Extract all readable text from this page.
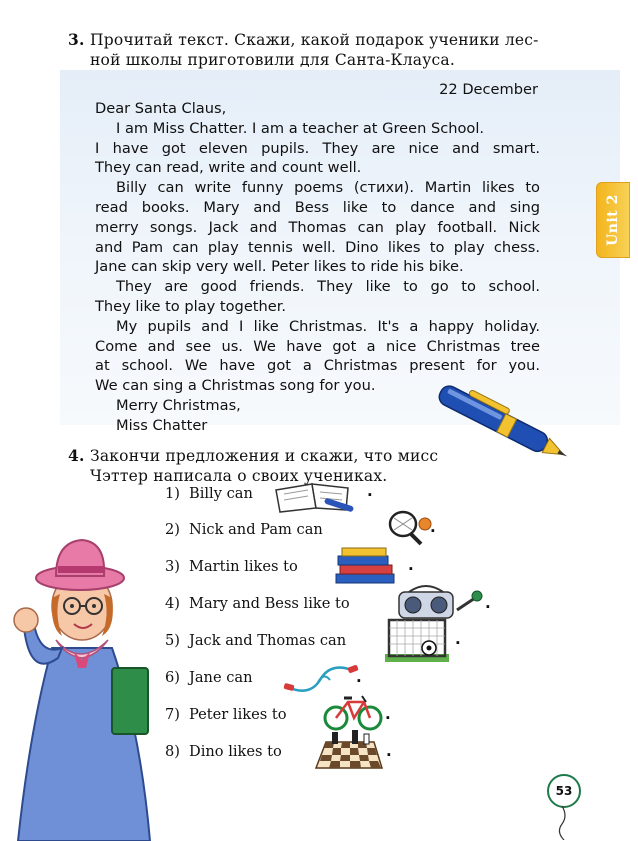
3. Прочитай текст. Скажи, какой подарок ученики лес-
ной школы приготовили для Санта-Клауса.
Unit 2
22 December
Dear Santa Claus,
I am Miss Chatter. I am a teacher at Green School.
I have got eleven pupils. They are nice and smart.
They can read, write and count well.
Billy can write funny poems (стихи). Martin likes to
read books. Mary and Bess like to dance and sing
merry songs. Jack and Thomas can play football. Nick
and Pam can play tennis well. Dino likes to play chess.
Jane can skip very well. Peter likes to ride his bike.
They are good friends. They like to go to school.
They like to play together.
My pupils and I like Christmas. It's a happy holiday.
Come and see us. We have got a nice Christmas tree
at school. We have got a Christmas present for you.
We can sing a Christmas song for you.
Merry Christmas,
Miss Chatter
4. Закончи предложения и скажи, что мисс
Чэттер написала о своих учениках.
1) Billy can	.
2) Nick and Pam can	.
3) Martin likes to	.
4) Mary and Bess like to	.
5) Jack and Thomas can	.
6) Jane can	.
7) Peter likes to	.
8) Dino likes to	.
53
